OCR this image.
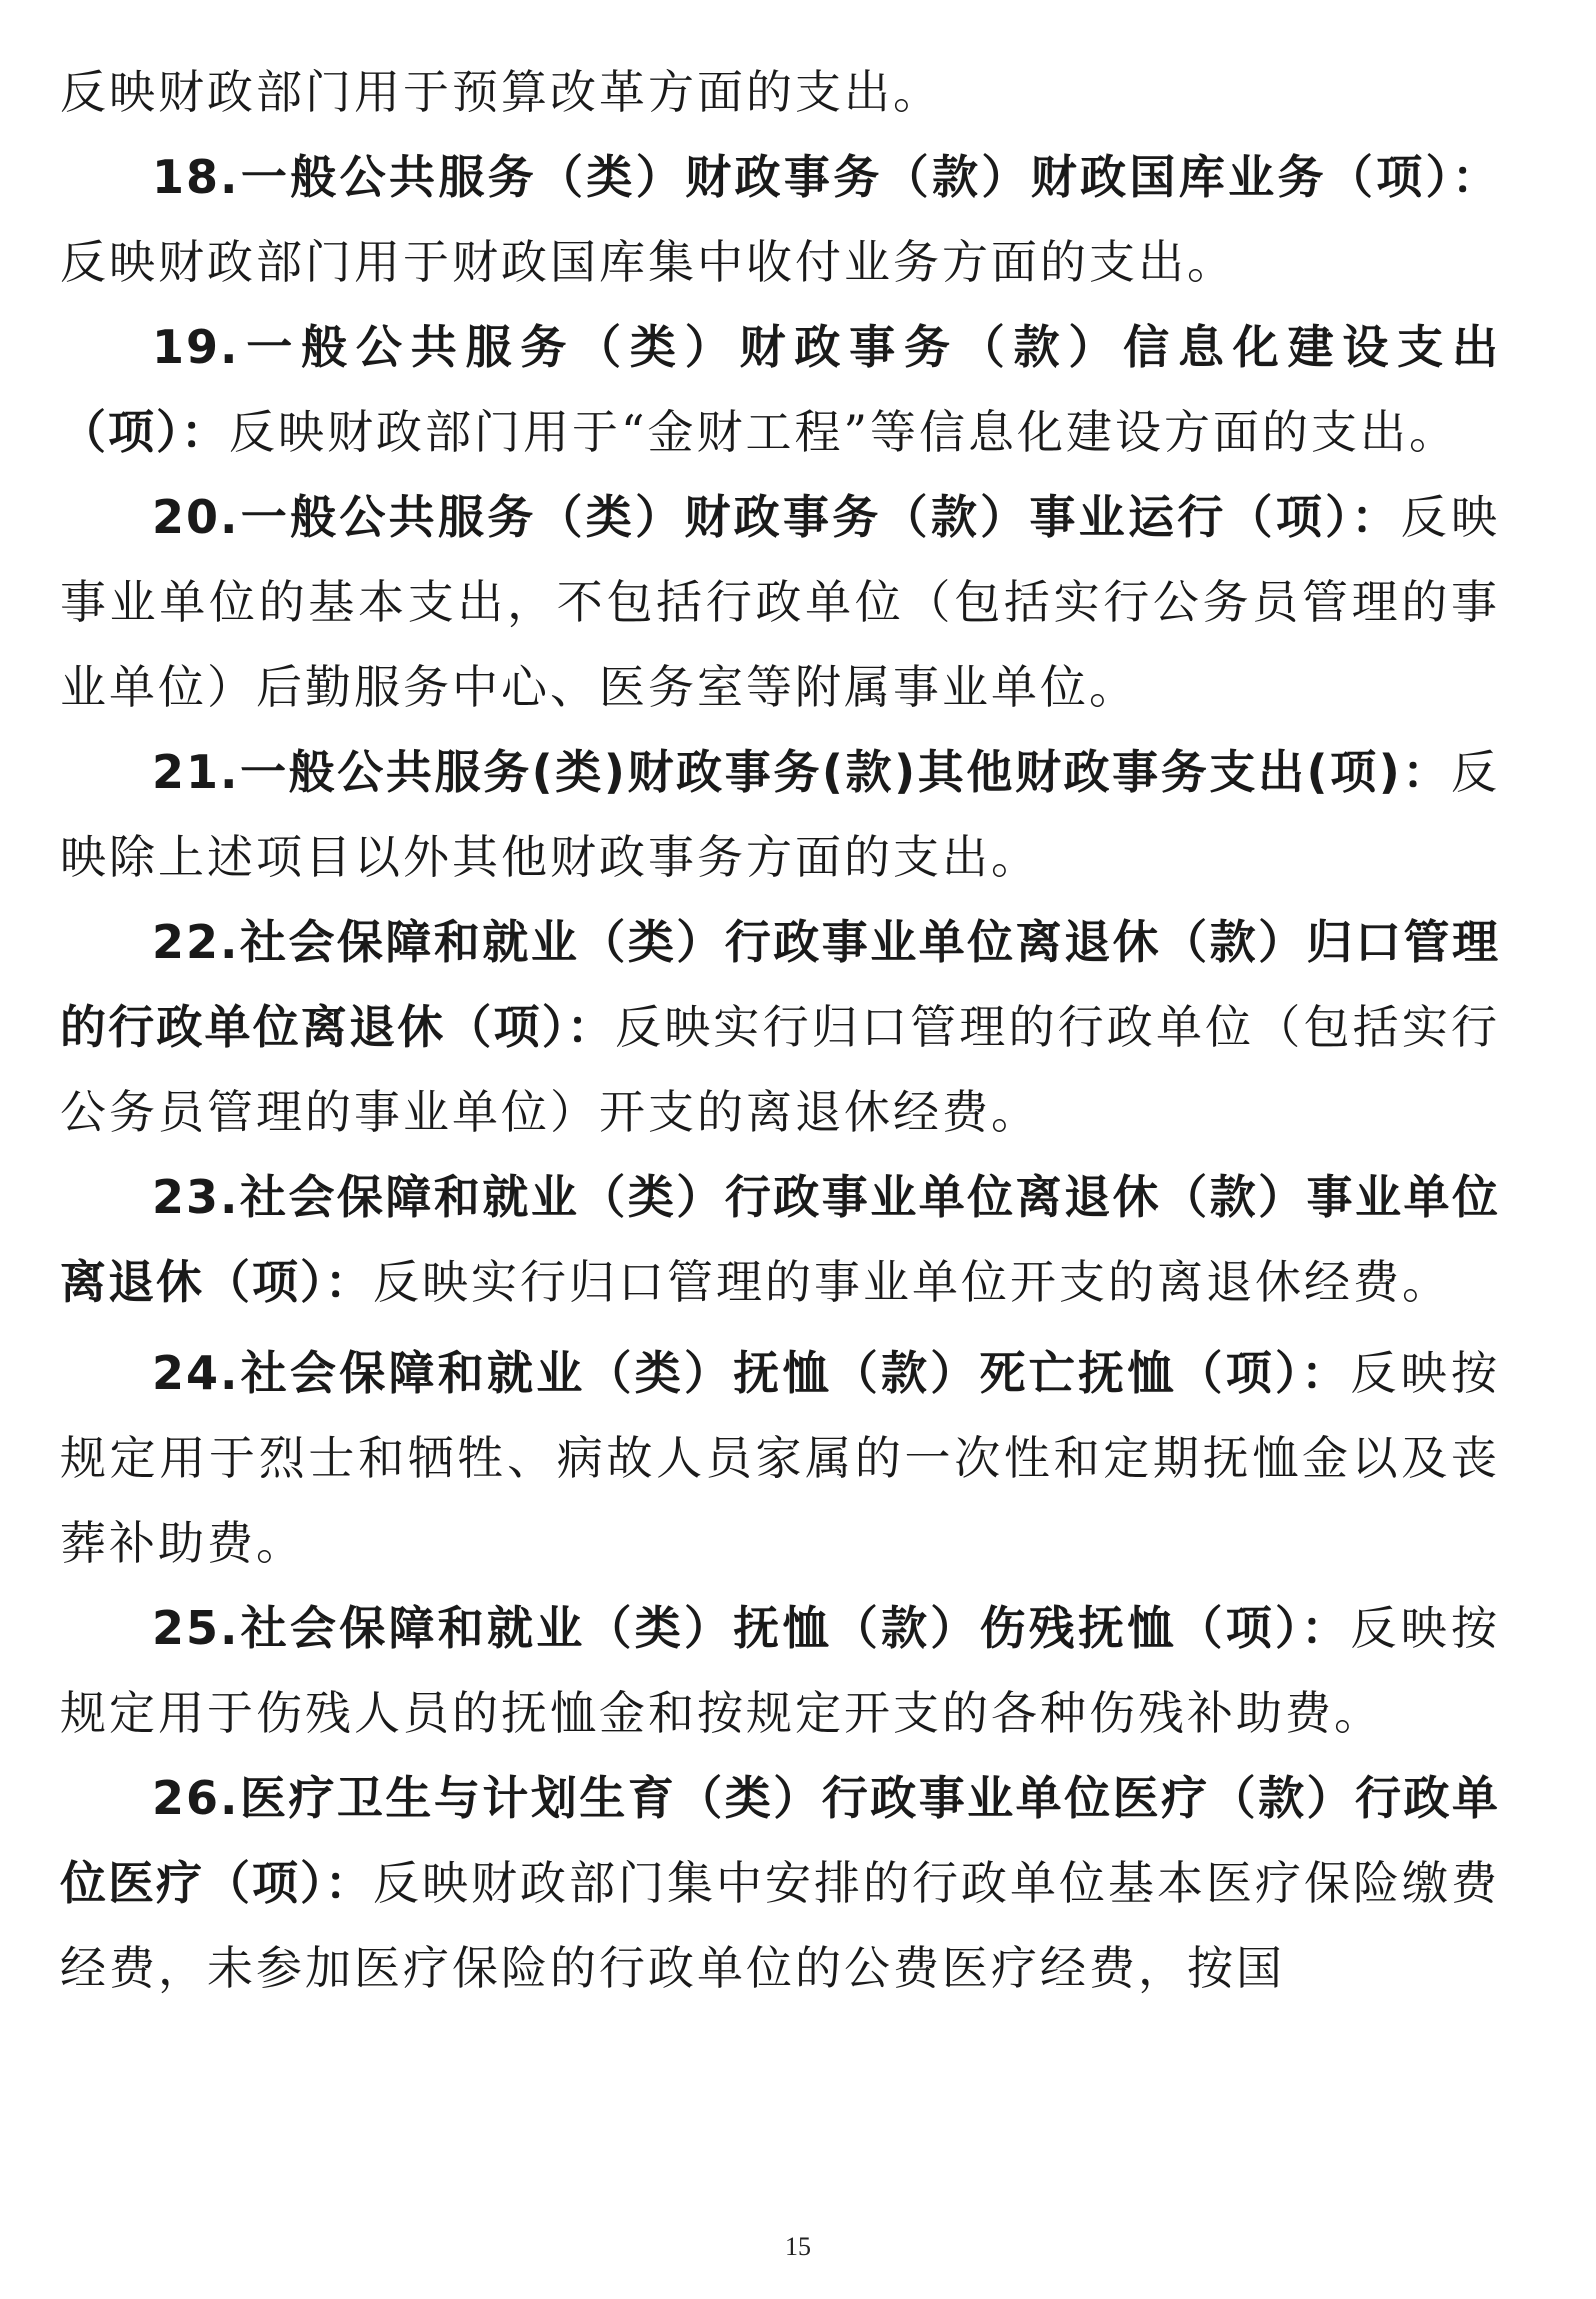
反映财政部门用于预算改革方面的支出。

18.一般公共服务（类）财政事务（款）财政国库业务（项）：反映财政部门用于财政国库集中收付业务方面的支出。

19.一般公共服务（类）财政事务（款）信息化建设支出（项）：反映财政部门用于“金财工程”等信息化建设方面的支出。

20.一般公共服务（类）财政事务（款）事业运行（项）：反映事业单位的基本支出，不包括行政单位（包括实行公务员管理的事业单位）后勤服务中心、医务室等附属事业单位。

21.一般公共服务(类)财政事务(款)其他财政事务支出(项)：反映除上述项目以外其他财政事务方面的支出。

22.社会保障和就业（类）行政事业单位离退休（款）归口管理的行政单位离退休（项）：反映实行归口管理的行政单位（包括实行公务员管理的事业单位）开支的离退休经费。

23.社会保障和就业（类）行政事业单位离退休（款）事业单位离退休（项）：反映实行归口管理的事业单位开支的离退休经费。

24.社会保障和就业（类）抚恤（款）死亡抚恤（项）：反映按规定用于烈士和牺牲、病故人员家属的一次性和定期抚恤金以及丧葬补助费。

25.社会保障和就业（类）抚恤（款）伤残抚恤（项）：反映按规定用于伤残人员的抚恤金和按规定开支的各种伤残补助费。

26.医疗卫生与计划生育（类）行政事业单位医疗（款）行政单位医疗（项）：反映财政部门集中安排的行政单位基本医疗保险缴费经费，未参加医疗保险的行政单位的公费医疗经费，按国

15
